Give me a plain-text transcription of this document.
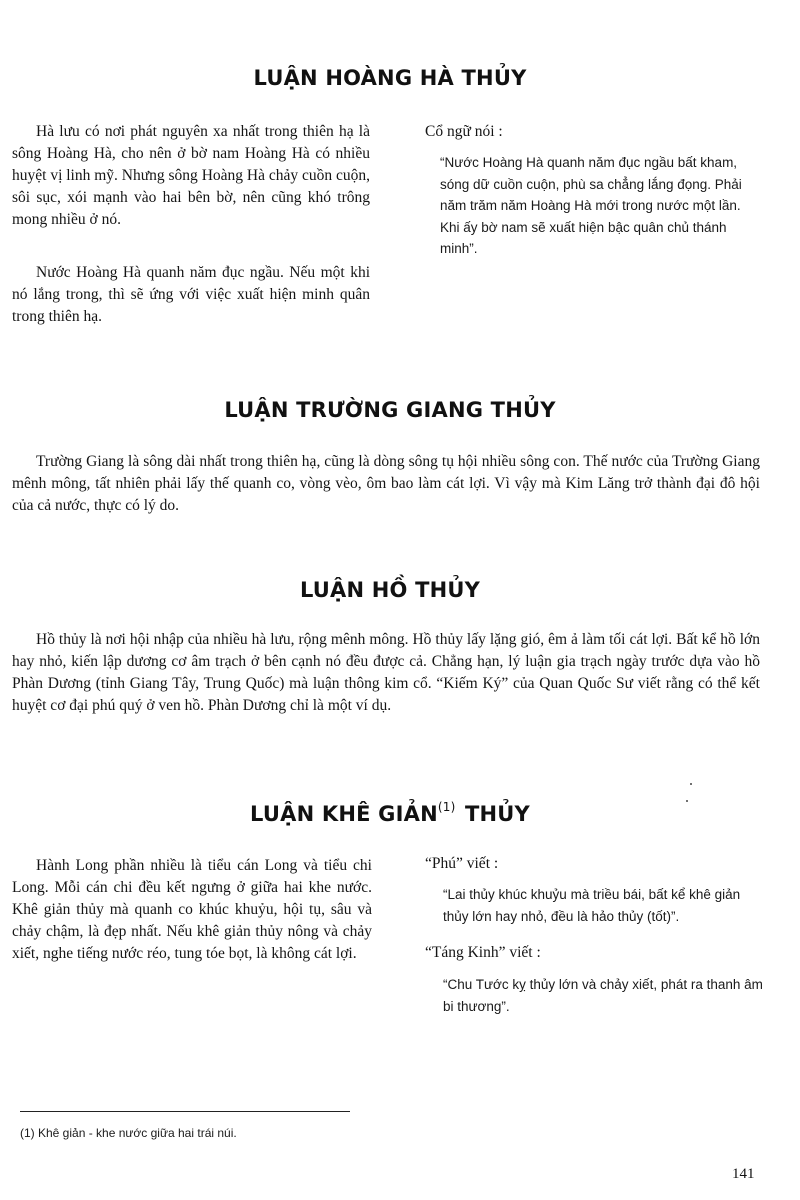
LUẬN HOÀNG HÀ THỦY

Hà lưu có nơi phát nguyên xa nhất trong thiên hạ là sông Hoàng Hà, cho nên ở bờ nam Hoàng Hà có nhiều huyệt vị linh mỹ. Nhưng sông Hoàng Hà chảy cuồn cuộn, sôi sục, xói mạnh vào hai bên bờ, nên cũng khó trông mong nhiều ở nó.

Nước Hoàng Hà quanh năm đục ngầu. Nếu một khi nó lắng trong, thì sẽ ứng với việc xuất hiện minh quân trong thiên hạ.

Cổ ngữ nói :

“Nước Hoàng Hà quanh năm đục ngầu bất kham, sóng dữ cuồn cuộn, phù sa chẳng lắng đọng. Phải năm trăm năm Hoàng Hà mới trong nước một lần. Khi ấy bờ nam sẽ xuất hiện bậc quân chủ thánh minh”.

LUẬN TRƯỜNG GIANG THỦY

Trường Giang là sông dài nhất trong thiên hạ, cũng là dòng sông tụ hội nhiều sông con. Thế nước của Trường Giang mênh mông, tất nhiên phải lấy thế quanh co, vòng vèo, ôm bao làm cát lợi. Vì vậy mà Kim Lăng trở thành đại đô hội của cả nước, thực có lý do.

LUẬN HỒ THỦY

Hồ thủy là nơi hội nhập của nhiều hà lưu, rộng mênh mông. Hồ thủy lấy lặng gió, êm ả làm tối cát lợi. Bất kể hồ lớn hay nhỏ, kiến lập dương cơ âm trạch ở bên cạnh nó đều được cả. Chẳng hạn, lý luận gia trạch ngày trước dựa vào hồ Phàn Dương (tỉnh Giang Tây, Trung Quốc) mà luận thông kim cổ. “Kiếm Ký” của Quan Quốc Sư viết rằng có thể kết huyệt cơ đại phú quý ở ven hồ. Phàn Dương chỉ là một ví dụ.

LUẬN KHÊ GIẢN$^{(1)}$ THỦY

Hành Long phần nhiều là tiểu cán Long và tiểu chi Long. Mỗi cán chi đều kết ngưng ở giữa hai khe nước. Khê giản thủy mà quanh co khúc khuỷu, hội tụ, sâu và chảy chậm, là đẹp nhất. Nếu khê giản thủy nông và chảy xiết, nghe tiếng nước réo, tung tóe bọt, là không cát lợi.

“Phú” viết :

“Lai thủy khúc khuỷu mà triều bái, bất kể khê giản thủy lớn hay nhỏ, đều là hảo thủy (tốt)”.

“Táng Kinh” viết :

“Chu Tước kỵ thủy lớn và chảy xiết, phát ra thanh âm bi thương”.

(1) Khê giản - khe nước giữa hai trái núi.
141
